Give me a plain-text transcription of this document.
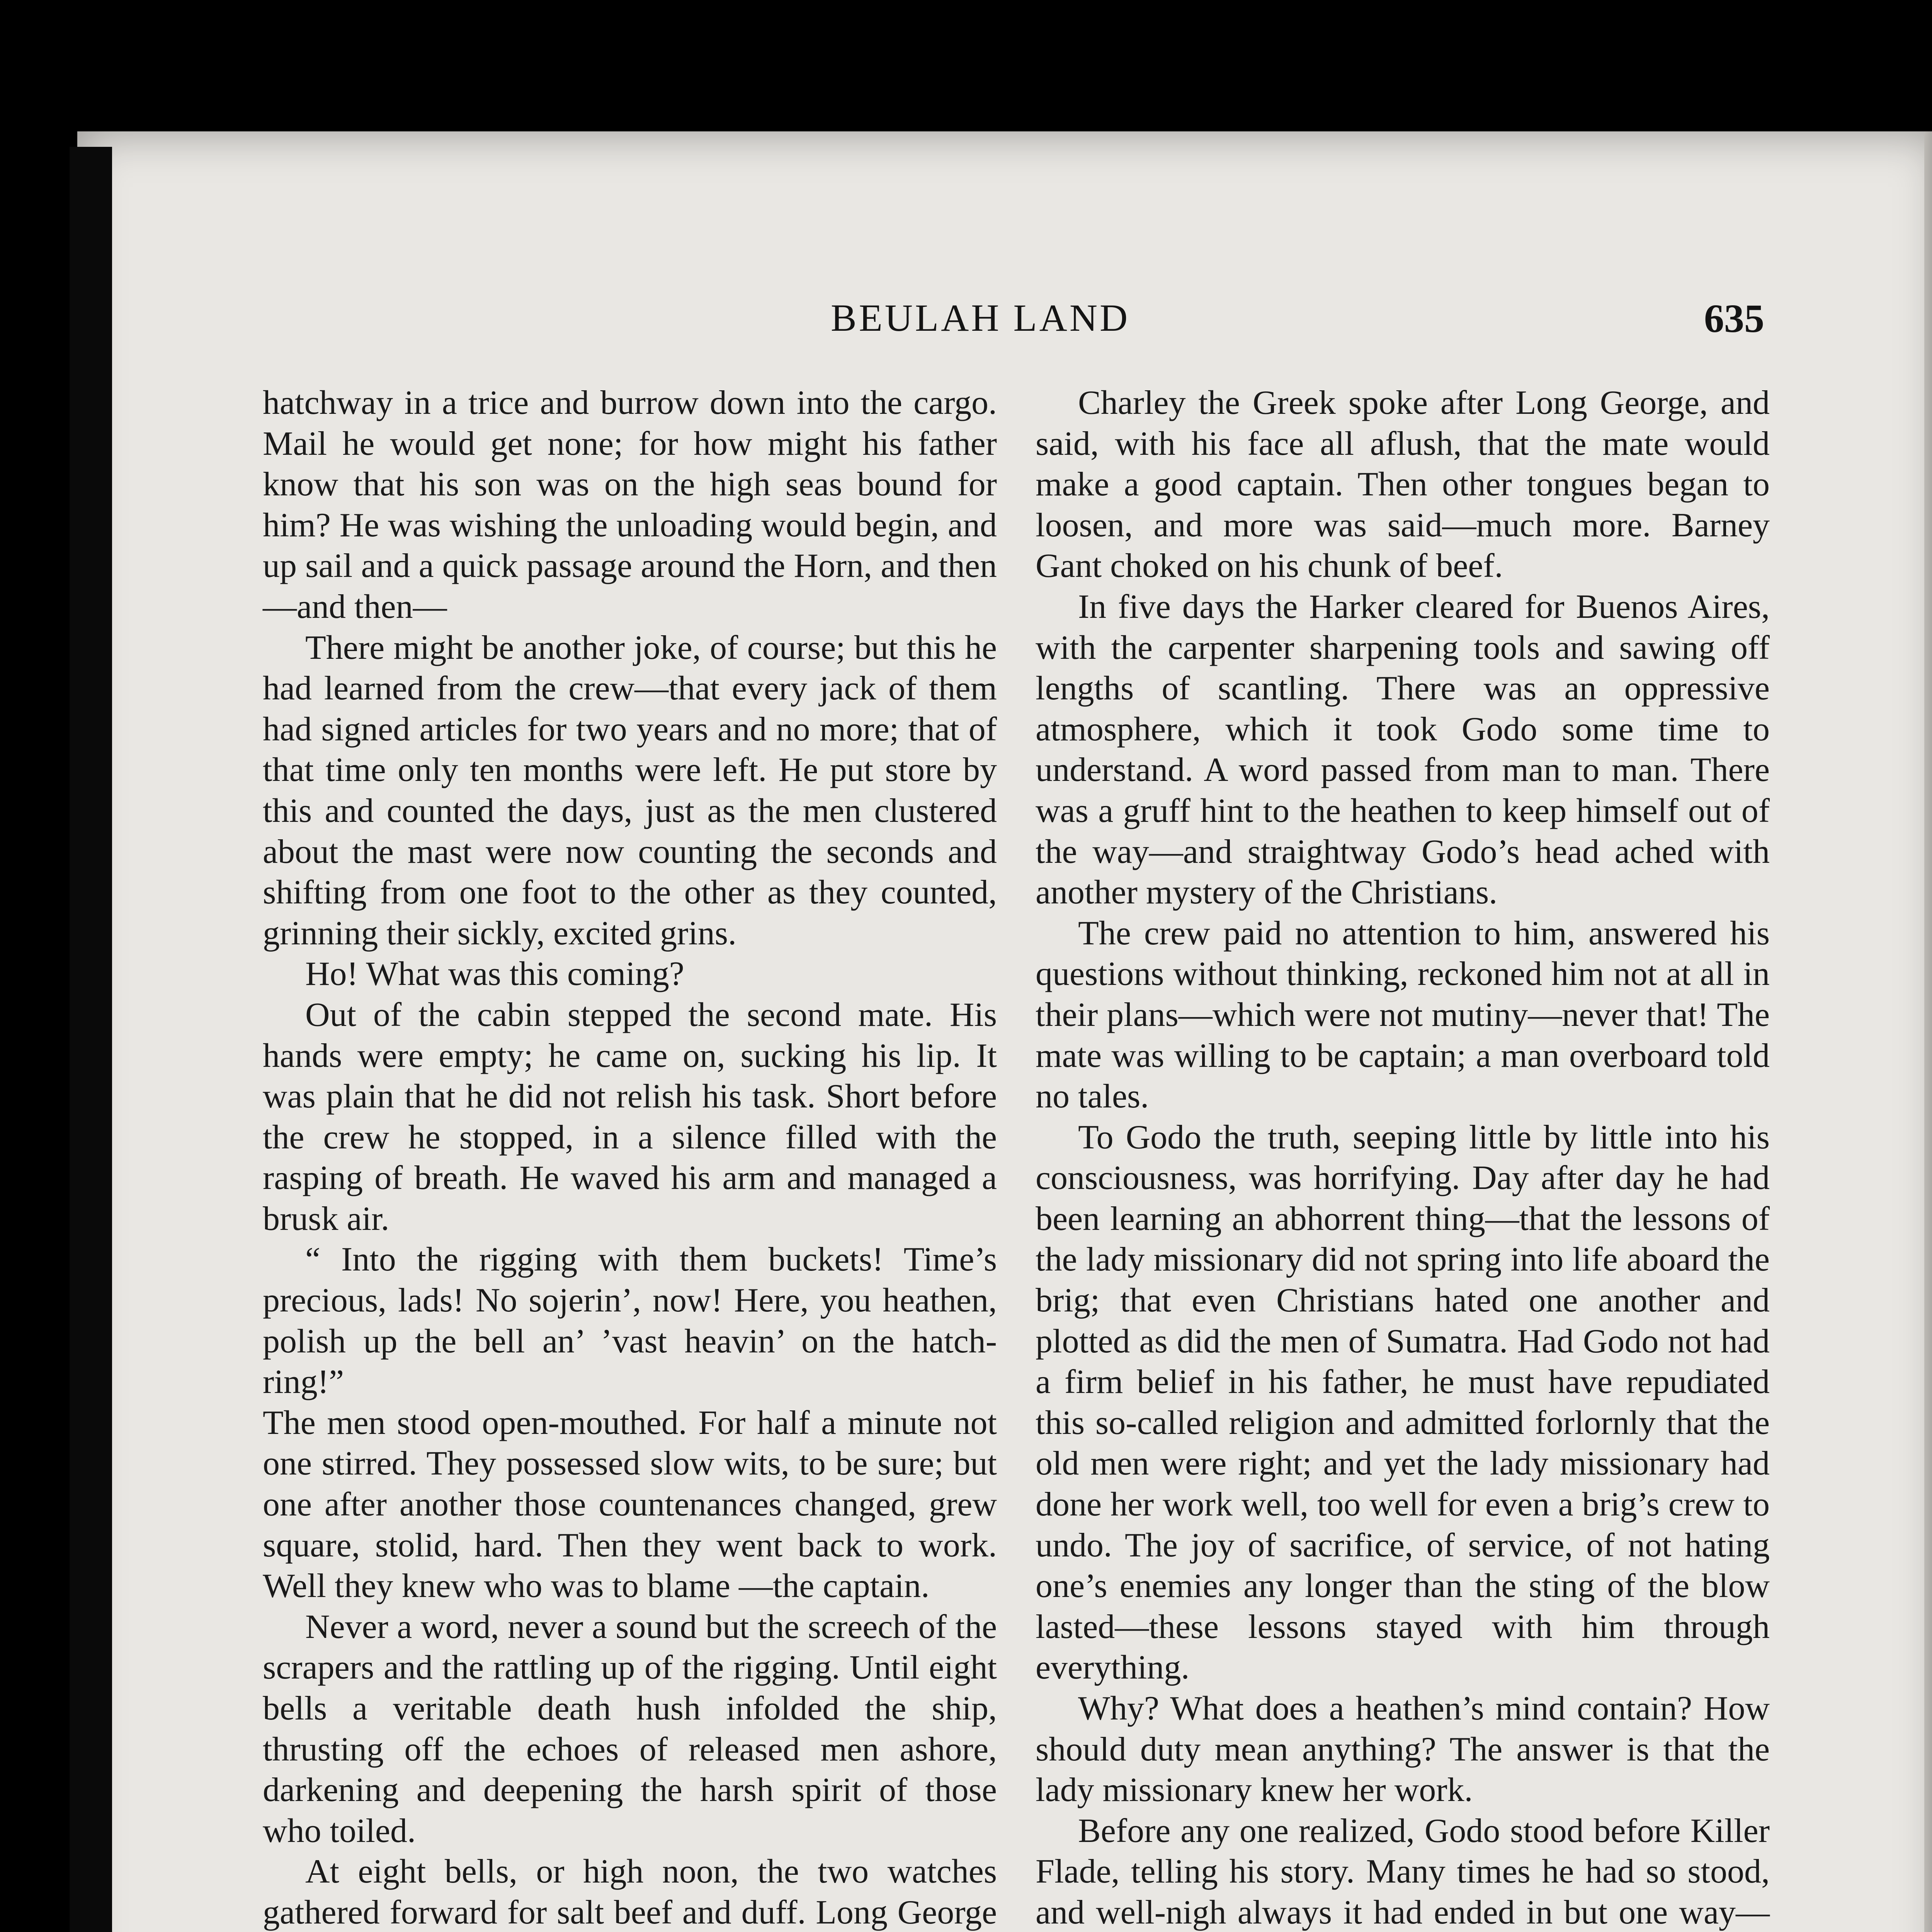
BEULAH LAND	635

hatchway in a trice and burrow down into the cargo. Mail he would get none; for how might his father know that his son was on the high seas bound for him? He was wishing the unloading would begin, and up sail and a quick passage around the Horn, and then—and then—

There might be another joke, of course; but this he had learned from the crew—that every jack of them had signed articles for two years and no more; that of that time only ten months were left. He put store by this and counted the days, just as the men clustered about the mast were now counting the seconds and shifting from one foot to the other as they counted, grinning their sickly, excited grins.

Ho! What was this coming?

Out of the cabin stepped the second mate. His hands were empty; he came on, sucking his lip. It was plain that he did not relish his task. Short before the crew he stopped, in a silence filled with the rasping of breath. He waved his arm and managed a brusk air.

“ Into the rigging with them buckets! Time’s precious, lads! No sojerin’, now! Here, you heathen, polish up the bell an’ ’vast heavin’ on the hatch-ring!”

The men stood open-mouthed. For half a minute not one stirred. They possessed slow wits, to be sure; but one after another those countenances changed, grew square, stolid, hard. Then they went back to work. Well they knew who was to blame —the captain.

Never a word, never a sound but the screech of the scrapers and the rattling up of the rigging. Until eight bells a veritable death hush infolded the ship, thrusting off the echoes of released men ashore, darkening and deepening the harsh spirit of those who toiled.

At eight bells, or high noon, the two watches gathered forward for salt beef and duff. Long George

Charley the Greek spoke after Long George, and said, with his face all aflush, that the mate would make a good captain. Then other tongues began to loosen, and more was said—much more. Barney Gant choked on his chunk of beef.

In five days the Harker cleared for Buenos Aires, with the carpenter sharpening tools and sawing off lengths of scantling. There was an oppressive atmosphere, which it took Godo some time to understand. A word passed from man to man. There was a gruff hint to the heathen to keep himself out of the way—and straightway Godo’s head ached with another mystery of the Christians.

The crew paid no attention to him, answered his questions without thinking, reckoned him not at all in their plans—which were not mutiny—never that! The mate was willing to be captain; a man overboard told no tales.

To Godo the truth, seeping little by little into his consciousness, was horrifying. Day after day he had been learning an abhorrent thing—that the lessons of the lady missionary did not spring into life aboard the brig; that even Christians hated one another and plotted as did the men of Sumatra. Had Godo not had a firm belief in his father, he must have repudiated this so-called religion and admitted forlornly that the old men were right; and yet the lady missionary had done her work well, too well for even a brig’s crew to undo. The joy of sacrifice, of service, of not hating one’s enemies any longer than the sting of the blow lasted—these lessons stayed with him through everything.

Why? What does a heathen’s mind contain? How should duty mean anything? The answer is that the lady missionary knew her work.

Before any one realized, Godo stood before Killer Flade, telling his story. Many times he had so stood, and well-nigh always it had ended in but one way—
